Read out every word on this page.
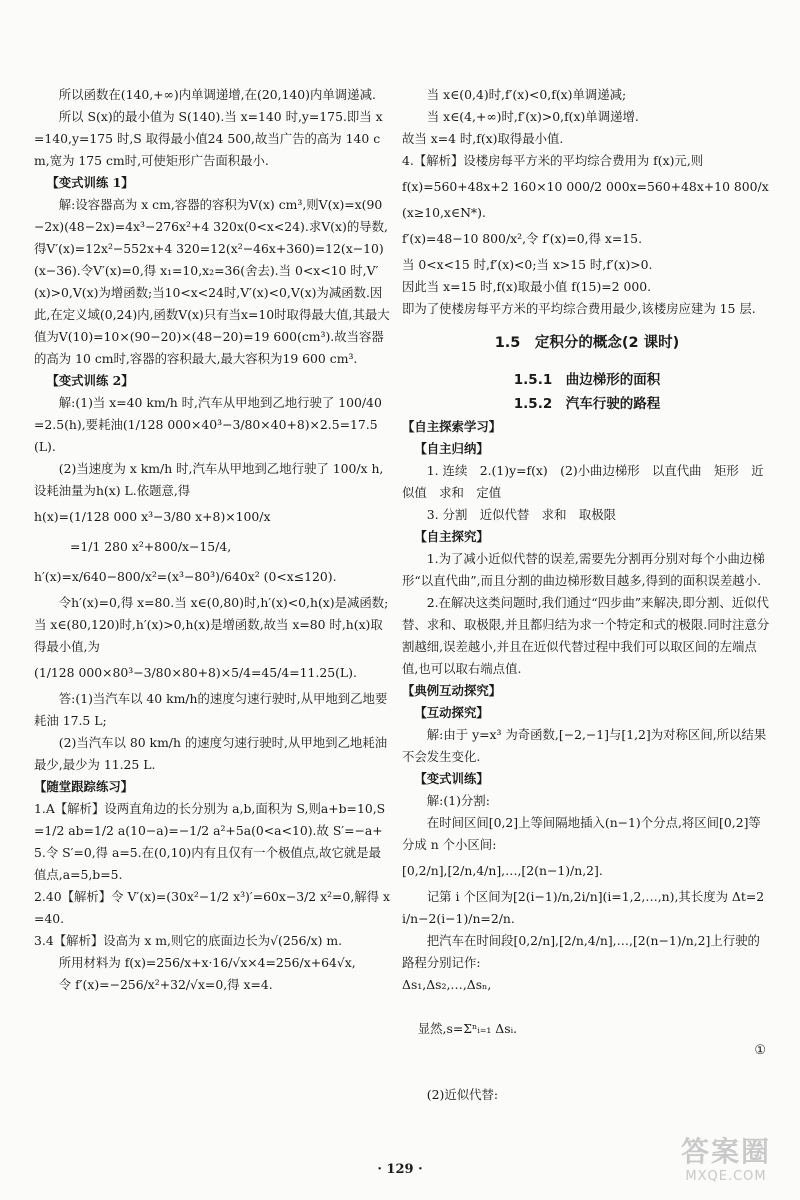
所以函数在(140,+∞)内单调递增,在(20,140)内单调递减.

所以 S(x)的最小值为 S(140).当 x=140 时,y=175.即当 x=140,y=175 时,S 取得最小值24 500,故当广告的高为 140 cm,宽为 175 cm时,可使矩形广告面积最小.

【变式训练 1】

解:设容器高为 x cm,容器的容积为V(x) cm³,则V(x)=x(90−2x)(48−2x)=4x³−276x²+4 320x(0<x<24).求V(x)的导数,得V′(x)=12x²−552x+4 320=12(x²−46x+360)=12(x−10)(x−36).令V′(x)=0,得 x₁=10,x₂=36(舍去).当 0<x<10 时,V′(x)>0,V(x)为增函数;当10<x<24时,V′(x)<0,V(x)为减函数.因此,在定义域(0,24)内,函数V(x)只有当x=10时取得最大值,其最大值为V(10)=10×(90−20)×(48−20)=19 600(cm³).故当容器的高为 10 cm时,容器的容积最大,最大容积为19 600 cm³.

【变式训练 2】

解:(1)当 x=40 km/h 时,汽车从甲地到乙地行驶了 100/40=2.5(h),要耗油(1/128 000×40³−3/80×40+8)×2.5=17.5(L).

(2)当速度为 x km/h 时,汽车从甲地到乙地行驶了 100/x h,设耗油量为h(x) L.依题意,得

h(x)=(1/128 000 x³−3/80 x+8)×100/x

=1/1 280 x²+800/x−15/4,

h′(x)=x/640−800/x²=(x³−80³)/640x² (0<x≤120).

令h′(x)=0,得 x=80.当 x∈(0,80)时,h′(x)<0,h(x)是减函数;当 x∈(80,120)时,h′(x)>0,h(x)是增函数,故当 x=80 时,h(x)取得最小值,为

(1/128 000×80³−3/80×80+8)×5/4=45/4=11.25(L).

答:(1)当汽车以 40 km/h的速度匀速行驶时,从甲地到乙地要耗油 17.5 L;

(2)当汽车以 80 km/h 的速度匀速行驶时,从甲地到乙地耗油最少,最少为 11.25 L.

【随堂跟踪练习】

1.A【解析】设两直角边的长分别为 a,b,面积为 S,则a+b=10,S=1/2 ab=1/2 a(10−a)=−1/2 a²+5a(0<a<10).故 S′=−a+5.令 S′=0,得 a=5.在(0,10)内有且仅有一个极值点,故它就是最值点,a=5,b=5.

2.40【解析】令 V′(x)=(30x²−1/2 x³)′=60x−3/2 x²=0,解得 x=40.

3.4【解析】设高为 x m,则它的底面边长为√(256/x) m.

所用材料为 f(x)=256/x+x·16/√x×4=256/x+64√x,

令 f′(x)=−256/x²+32/√x=0,得 x=4.

当 x∈(0,4)时,f′(x)<0,f(x)单调递减;

当 x∈(4,+∞)时,f′(x)>0,f(x)单调递增.

故当 x=4 时,f(x)取得最小值.

4.【解析】设楼房每平方米的平均综合费用为 f(x)元,则

f(x)=560+48x+2 160×10 000/2 000x=560+48x+10 800/x

(x≥10,x∈N*).

f′(x)=48−10 800/x²,令 f′(x)=0,得 x=15.

当 0<x<15 时,f′(x)<0;当 x>15 时,f′(x)>0.

因此当 x=15 时,f(x)取最小值 f(15)=2 000.

即为了使楼房每平方米的平均综合费用最少,该楼房应建为 15 层.

1.5　定积分的概念(2 课时)

1.5.1　曲边梯形的面积

1.5.2　汽车行驶的路程

【自主探索学习】

【自主归纳】

1. 连续　2.(1)y=f(x)　(2)小曲边梯形　以直代曲　矩形　近似值　求和　定值

3. 分割　近似代替　求和　取极限

【自主探究】

1.为了减小近似代替的误差,需要先分割再分别对每个小曲边梯形“以直代曲”,而且分割的曲边梯形数目越多,得到的面积误差越小.

2.在解决这类问题时,我们通过“四步曲”来解决,即分割、近似代替、求和、取极限,并且都归结为求一个特定和式的极限.同时注意分割越细,误差越小,并且在近似代替过程中我们可以取区间的左端点值,也可以取右端点值.

【典例互动探究】

【互动探究】

解:由于 y=x³ 为奇函数,[−2,−1]与[1,2]为对称区间,所以结果不会发生变化.

【变式训练】

解:(1)分割:

在时间区间[0,2]上等间隔地插入(n−1)个分点,将区间[0,2]等分成 n 个小区间:

[0,2/n],[2/n,4/n],…,[2(n−1)/n,2].

记第 i 个区间为[2(i−1)/n,2i/n](i=1,2,…,n),其长度为 Δt=2i/n−2(i−1)/n=2/n.

把汽车在时间段[0,2/n],[2/n,4/n],…,[2(n−1)/n,2]上行驶的路程分别记作:

Δs₁,Δs₂,…,Δsₙ,

显然,s=Σⁿᵢ₌₁ Δsᵢ.

①

(2)近似代替:

· 129 ·
答案圈
MXQE.COM
